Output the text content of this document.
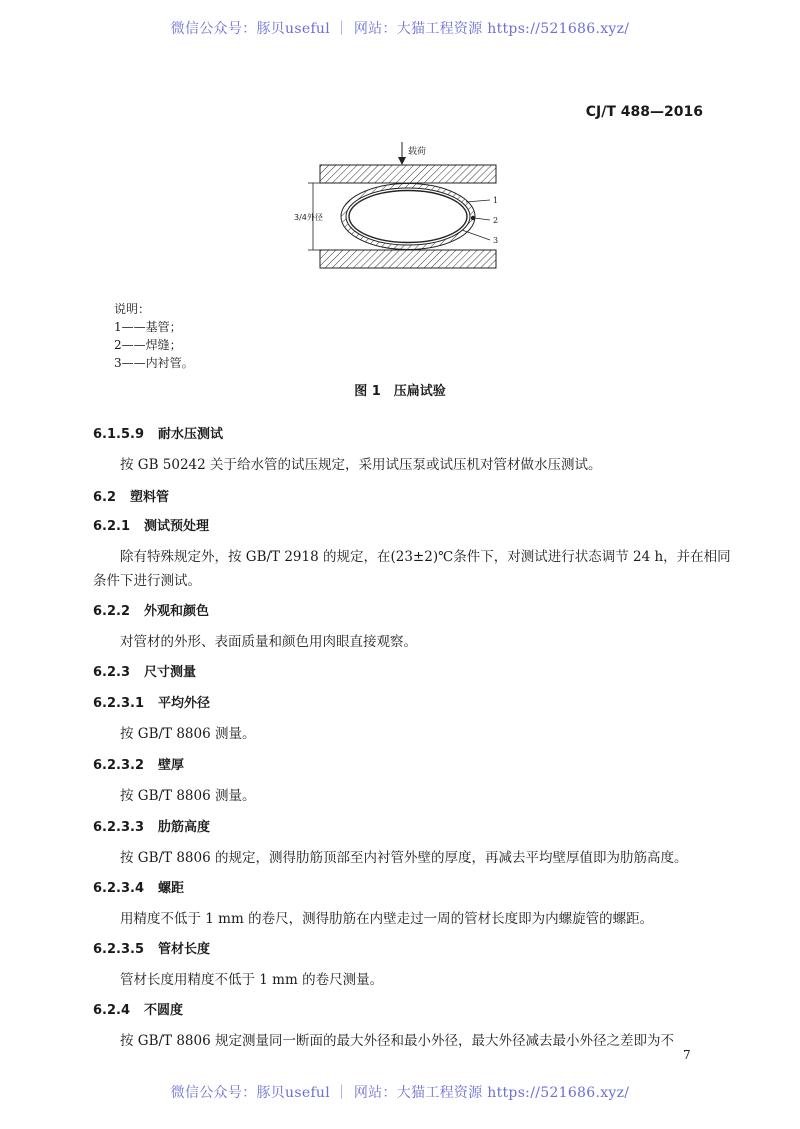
微信公众号：豚贝useful ｜ 网站：大猫工程资源 https://521686.xyz/
CJ/T 488—2016
载荷
3/4外径
1
2
3
说明：
1——基管；
2——焊缝；
3——内衬管。
图 1　压扁试验
6.1.5.9 耐水压测试
按 GB 50242 关于给水管的试压规定，采用试压泵或试压机对管材做水压测试。
6.2 塑料管
6.2.1 测试预处理
除有特殊规定外，按 GB/T 2918 的规定，在(23±2)℃条件下，对测试进行状态调节 24 h，并在相同
条件下进行测试。
6.2.2 外观和颜色
对管材的外形、表面质量和颜色用肉眼直接观察。
6.2.3 尺寸测量
6.2.3.1 平均外径
按 GB/T 8806 测量。
6.2.3.2 壁厚
按 GB/T 8806 测量。
6.2.3.3 肋筋高度
按 GB/T 8806 的规定，测得肋筋顶部至内衬管外壁的厚度，再减去平均壁厚值即为肋筋高度。
6.2.3.4 螺距
用精度不低于 1 mm 的卷尺，测得肋筋在内壁走过一周的管材长度即为内螺旋管的螺距。
6.2.3.5 管材长度
管材长度用精度不低于 1 mm 的卷尺测量。
6.2.4 不圆度
按 GB/T 8806 规定测量同一断面的最大外径和最小外径，最大外径减去最小外径之差即为不
7
微信公众号：豚贝useful ｜ 网站：大猫工程资源 https://521686.xyz/
